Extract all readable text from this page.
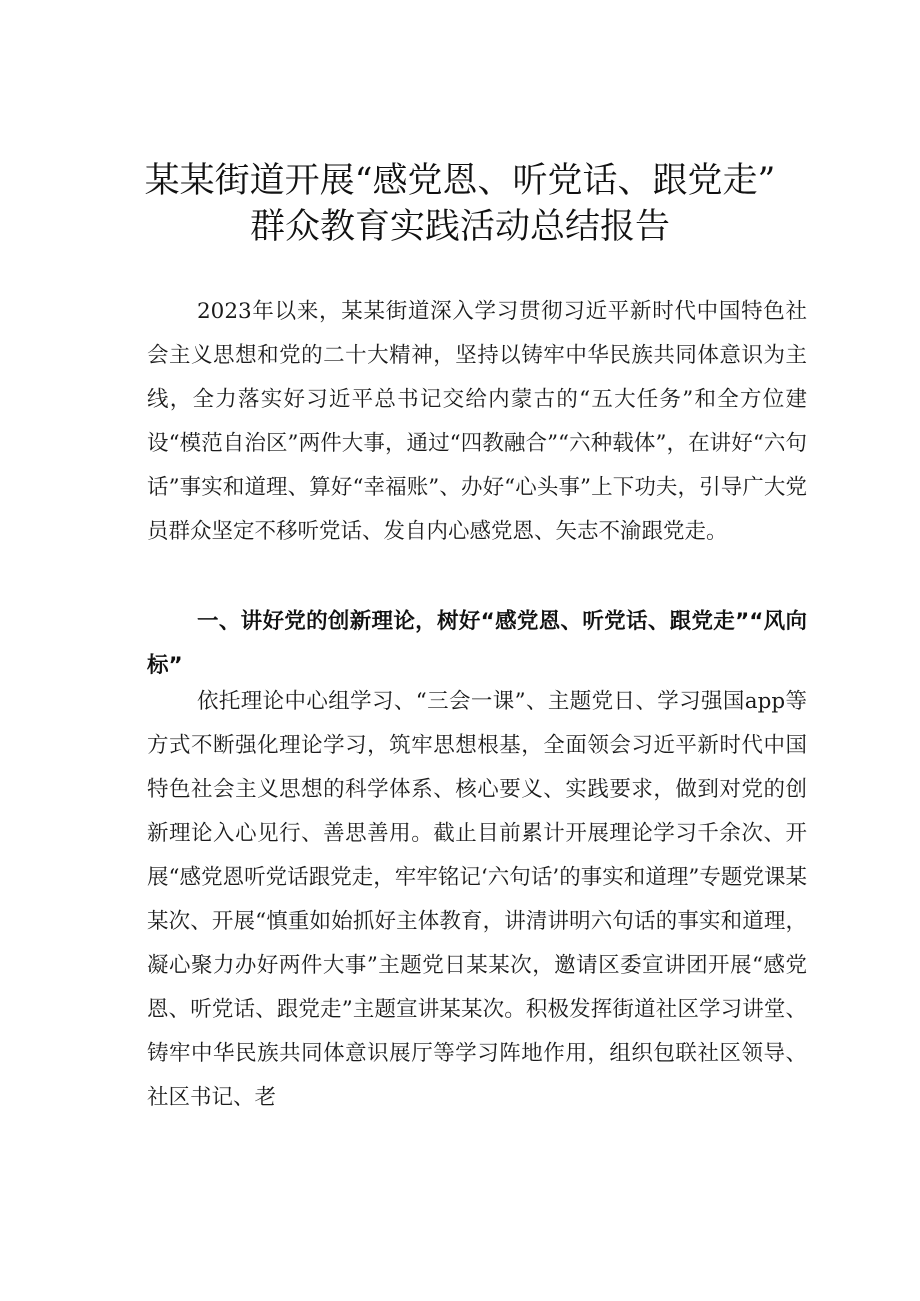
某某街道开展“感党恩、听党话、跟党走”
群众教育实践活动总结报告

2023年以来，某某街道深入学习贯彻习近平新时代中国特色社会主义思想和党的二十大精神，坚持以铸牢中华民族共同体意识为主线，全力落实好习近平总书记交给内蒙古的“五大任务”和全方位建设“模范自治区”两件大事，通过“四教融合”“六种载体”，在讲好“六句话”事实和道理、算好“幸福账”、办好“心头事”上下功夫，引导广大党员群众坚定不移听党话、发自内心感党恩、矢志不渝跟党走。

一、讲好党的创新理论，树好“感党恩、听党话、跟党走”“风向标”

依托理论中心组学习、“三会一课”、主题党日、学习强国app等方式不断强化理论学习，筑牢思想根基，全面领会习近平新时代中国特色社会主义思想的科学体系、核心要义、实践要求，做到对党的创新理论入心见行、善思善用。截止目前累计开展理论学习千余次、开展“感党恩听党话跟党走，牢牢铭记‘六句话’的事实和道理”专题党课某某次、开展“慎重如始抓好主体教育，讲清讲明六句话的事实和道理，凝心聚力办好两件大事”主题党日某某次，邀请区委宣讲团开展“感党恩、听党话、跟党走”主题宣讲某某次。积极发挥街道社区学习讲堂、铸牢中华民族共同体意识展厅等学习阵地作用，组织包联社区领导、社区书记、老
